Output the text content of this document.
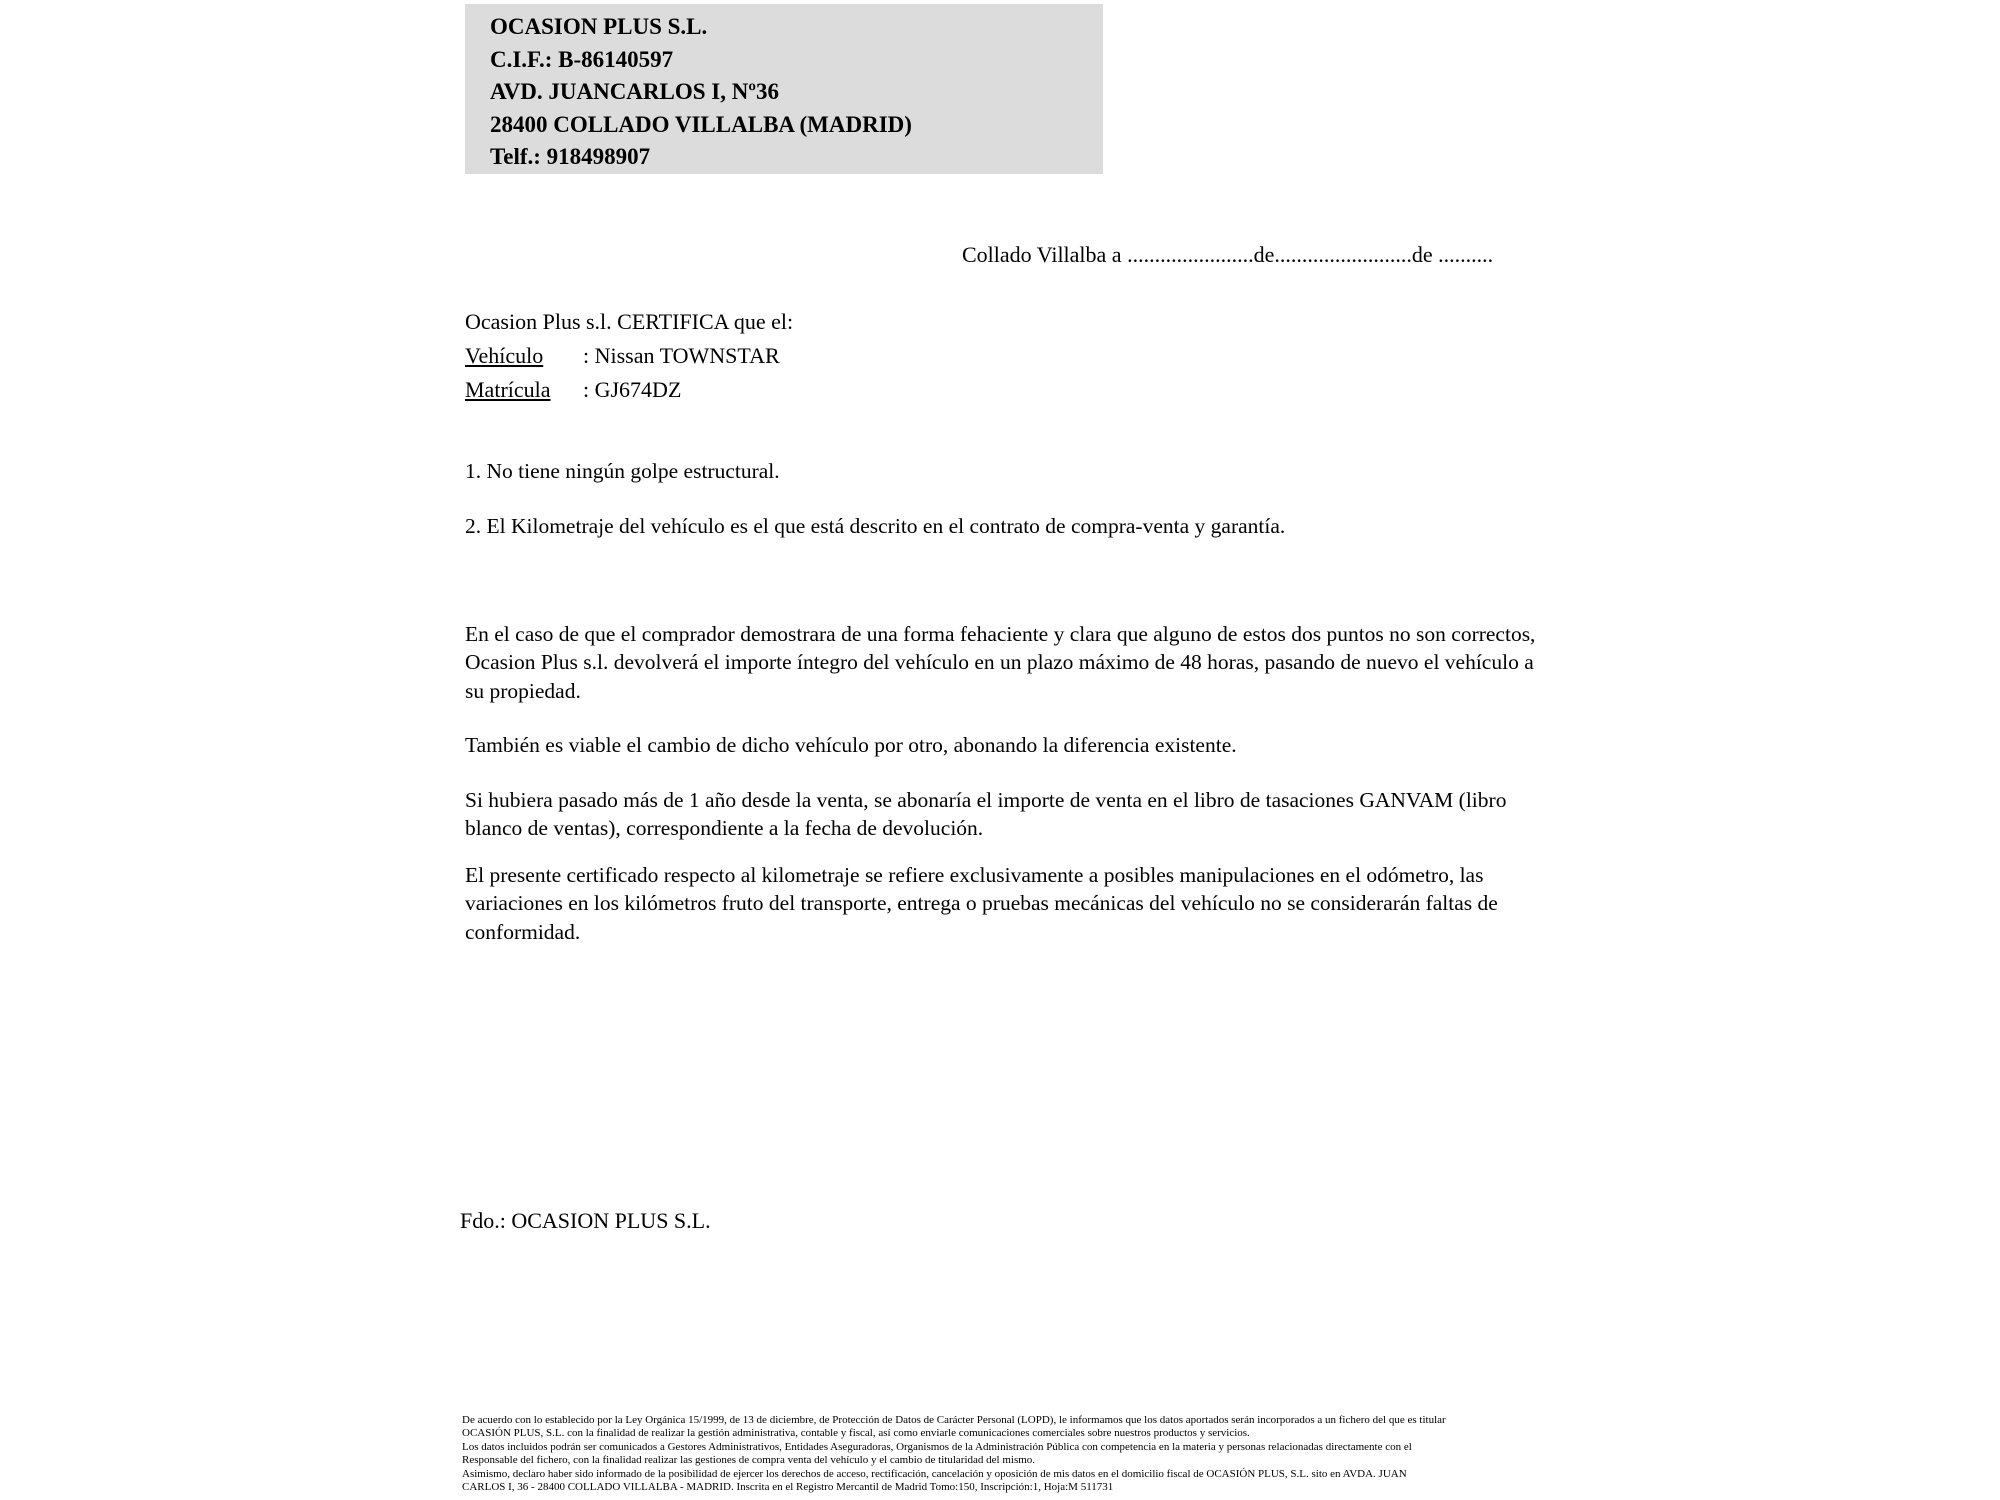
OCASION PLUS S.L.
C.I.F.: B-86140597
AVD. JUANCARLOS I, Nº36
28400 COLLADO VILLALBA (MADRID)
Telf.: 918498907
Collado Villalba a .......................de.........................de ..........
Ocasion Plus s.l. CERTIFICA que el:
Vehículo : Nissan TOWNSTAR
Matrícula : GJ674DZ
1. No tiene ningún golpe estructural.
2. El Kilometraje del vehículo es el que está descrito en el contrato de compra-venta y garantía.
En el caso de que el comprador demostrara de una forma fehaciente y clara que alguno de estos dos puntos no son correctos, Ocasion Plus s.l. devolverá el importe íntegro del vehículo en un plazo máximo de 48 horas, pasando de nuevo el vehículo a su propiedad.
También es viable el cambio de dicho vehículo por otro, abonando la diferencia existente.
Si hubiera pasado más de 1 año desde la venta, se abonaría el importe de venta en el libro de tasaciones GANVAM (libro blanco de ventas), correspondiente a la fecha de devolución.
El presente certificado respecto al kilometraje se refiere exclusivamente a posibles manipulaciones en el odómetro, las variaciones en los kilómetros fruto del transporte, entrega o pruebas mecánicas del vehículo no se considerarán faltas de conformidad.
Fdo.: OCASION PLUS S.L.
De acuerdo con lo establecido por la Ley Orgánica 15/1999, de 13 de diciembre, de Protección de Datos de Carácter Personal (LOPD), le informamos que los datos aportados serán incorporados a un fichero del que es titular
OCASIÓN PLUS, S.L. con la finalidad de realizar la gestión administrativa, contable y fiscal, así como enviarle comunicaciones comerciales sobre nuestros productos y servicios.
Los datos incluidos podrán ser comunicados a Gestores Administrativos, Entidades Aseguradoras, Organismos de la Administración Pública con competencia en la materia y personas relacionadas directamente con el
Responsable del fichero, con la finalidad realizar las gestiones de compra venta del vehículo y el cambio de titularidad del mismo.
Asimismo, declaro haber sido informado de la posibilidad de ejercer los derechos de acceso, rectificación, cancelación y oposición de mis datos en el domicilio fiscal de OCASIÓN PLUS, S.L. sito en AVDA. JUAN
CARLOS I, 36 - 28400 COLLADO VILLALBA - MADRID. Inscrita en el Registro Mercantil de Madrid Tomo:150, Inscripción:1, Hoja:M 511731
